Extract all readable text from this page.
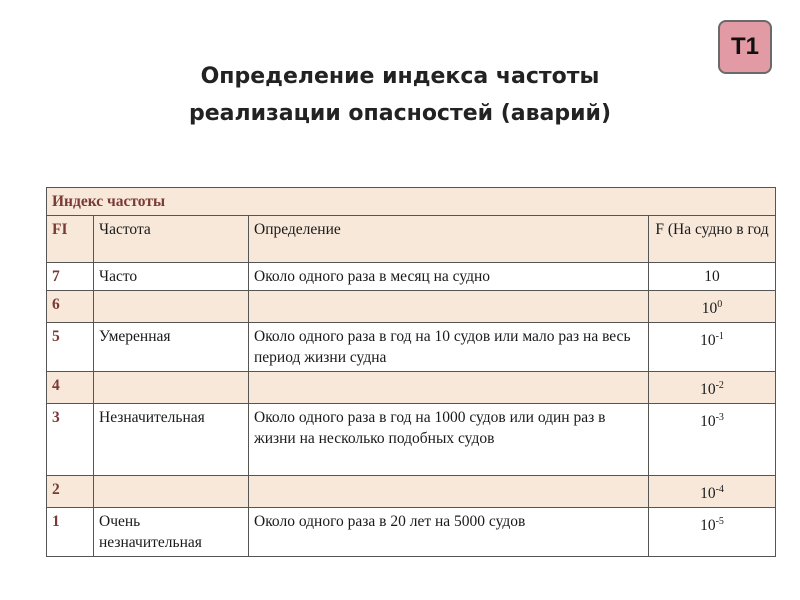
T1
Определение индекса частоты
реализации опасностей (аварий)
Индекс частоты			
FI	Частота	Определение	F (На судно в год
7	Часто	Около одного раза в месяц на судно	10
6			$10^0$
5	Умеренная	Около одного раза в год на 10 судов или мало раз на весь период жизни судна	$10^{-1}$
4			$10^{-2}$
3	Незначительная	Около одного раза в год на 1000 судов или один раз в жизни на несколько подобных судов	$10^{-3}$
2			$10^{-4}$
1	Очень незначительная	Около одного раза в 20 лет на 5000 судов	$10^{-5}$
